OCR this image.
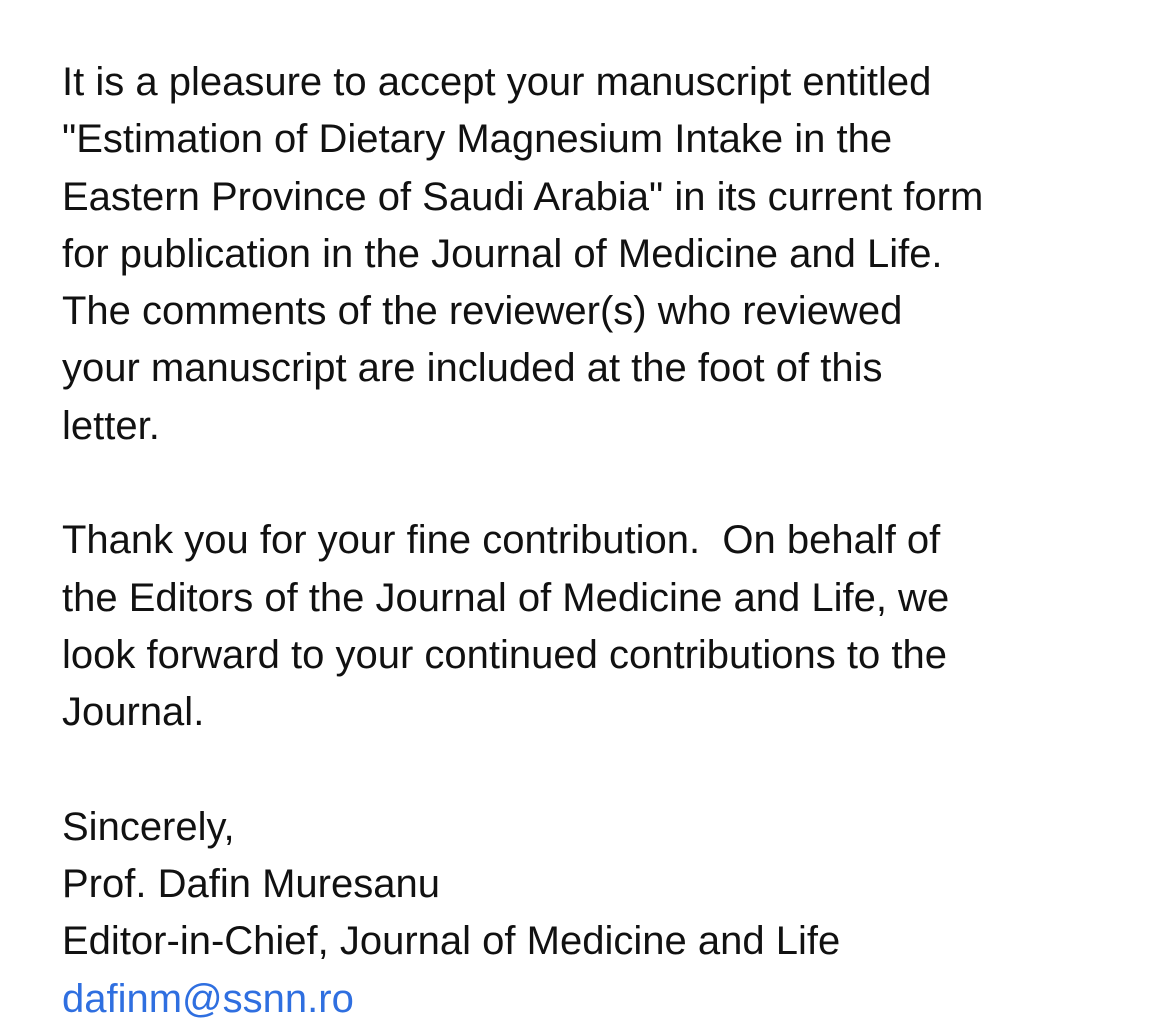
It is a pleasure to accept your manuscript entitled
"Estimation of Dietary Magnesium Intake in the
Eastern Province of Saudi Arabia" in its current form
for publication in the Journal of Medicine and Life.
The comments of the reviewer(s) who reviewed
your manuscript are included at the foot of this
letter.
Thank you for your fine contribution.  On behalf of
the Editors of the Journal of Medicine and Life, we
look forward to your continued contributions to the
Journal.
Sincerely,
Prof. Dafin Muresanu
Editor-in-Chief, Journal of Medicine and Life
dafinm@ssnn.ro
